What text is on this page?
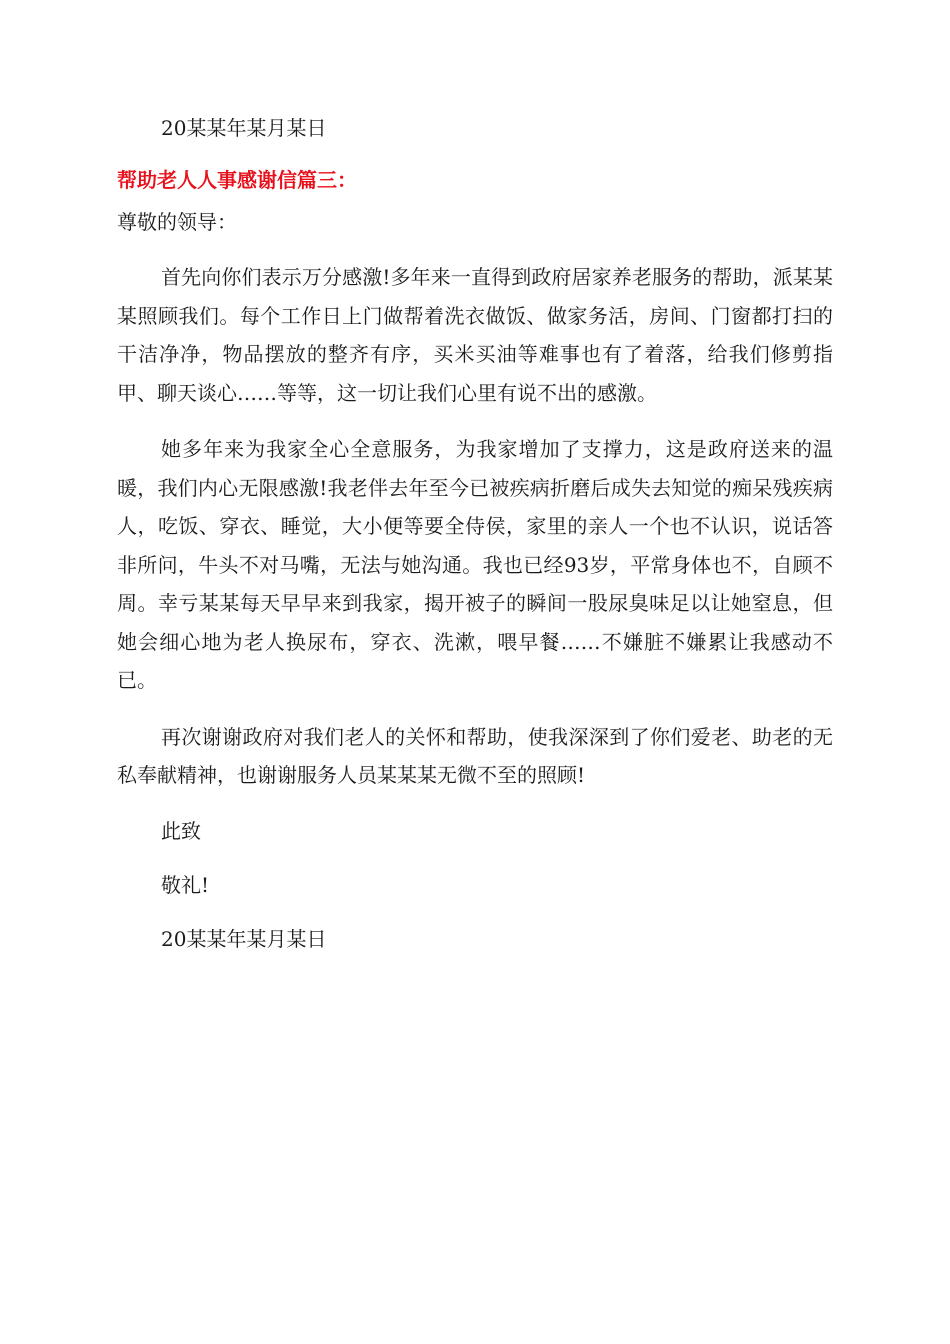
20某某年某月某日

帮助老人人事感谢信篇三：

尊敬的领导：

首先向你们表示万分感激!多年来一直得到政府居家养老服务的帮助，派某某某照顾我们。每个工作日上门做帮着洗衣做饭、做家务活，房间、门窗都打扫的干洁净净，物品摆放的整齐有序，买米买油等难事也有了着落，给我们修剪指甲、聊天谈心……等等，这一切让我们心里有说不出的感激。

她多年来为我家全心全意服务，为我家增加了支撑力，这是政府送来的温暖，我们内心无限感激!我老伴去年至今已被疾病折磨后成失去知觉的痴呆残疾病人，吃饭、穿衣、睡觉，大小便等要全侍侯，家里的亲人一个也不认识，说话答非所问，牛头不对马嘴，无法与她沟通。我也已经93岁，平常身体也不，自顾不周。幸亏某某每天早早来到我家，揭开被子的瞬间一股尿臭味足以让她窒息，但她会细心地为老人换尿布，穿衣、洗漱，喂早餐……不嫌脏不嫌累让我感动不已。

再次谢谢政府对我们老人的关怀和帮助，使我深深到了你们爱老、助老的无私奉献精神，也谢谢服务人员某某某无微不至的照顾!

此致

敬礼!

20某某年某月某日
